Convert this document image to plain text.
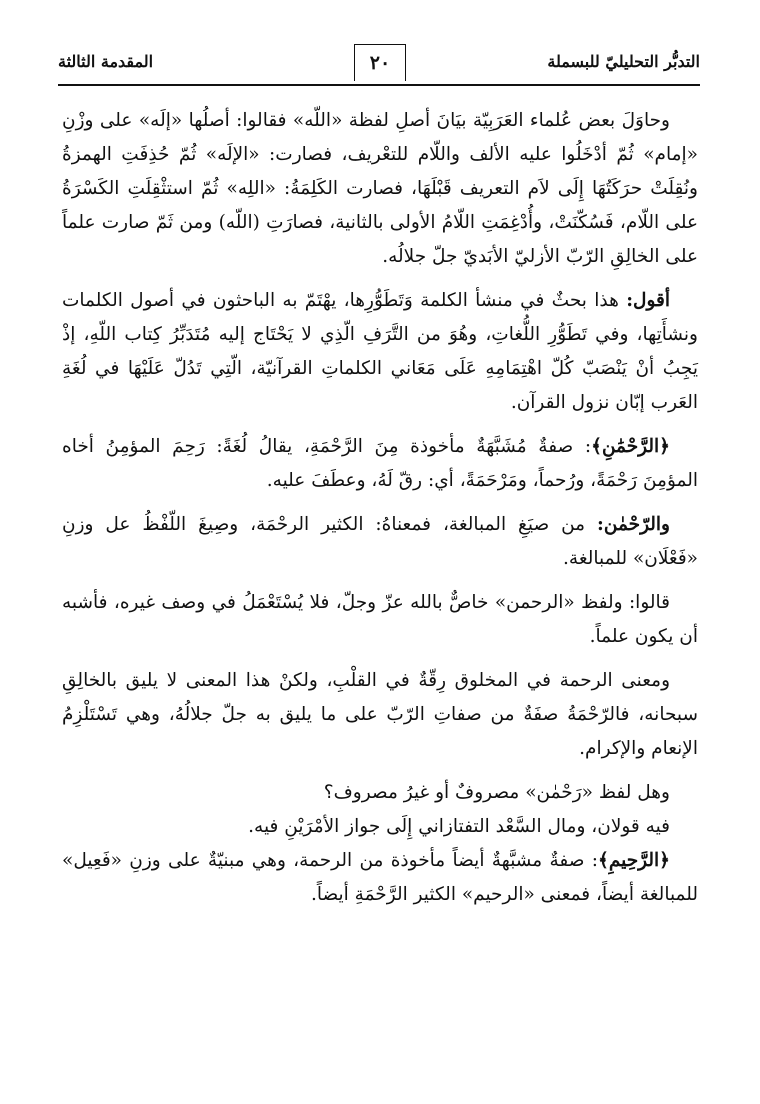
التدبُّر التحليليّ للبسملة
٢٠
المقدمة الثالثة

وحاوَلَ بعض عُلماء العَرَبِيّة بيَانَ أصلِ لفظة «اللّه» فقالوا: أصلُها «إلَه» على وزْنِ «إمام» ثُمّ أدْخَلُوا عليه الألف واللّام للتعْريف، فصارت: «الإلَه» ثُمّ حُذِفَتِ الهمزةُ ونُقِلَتْ حرَكَتُهَا إِلَى لاَم التعريف قَبْلَهَا، فصارت الكَلِمَةُ: «اللِه» ثُمّ استثْقِلَتِ الكَسْرَةُ على اللّام، فَسُكّنَتْ، وأُدْغِمَتِ اللّامُ الأولى بالثانية، فصارَتِ (اللّه) ومن ثَمّ صارت علماً على الخالِقِ الرّبّ الأزليّ الأبَديّ جلّ جلالُه.

أقول: هذا بحثٌ في منشأ الكلمة وَتَطَوُّرِها، يهْتَمّ به الباحثون في أصول الكلمات ونشأَتِها، وفي تَطَوُّرِ اللُّغاتِ، وهُوَ من التَّرَفِ الّذِي لا يَحْتَاج إليه مُتَدَبِّرُ كِتاب اللّهِ، إذْ يَجِبُ أنْ يَنْصَبّ كُلّ اهْتِمَامِهِ عَلَى مَعَاني الكلماتِ القرآنيّة، الّتِي تَدُلّ عَلَيْهَا في لُغَةِ العَرب إبّان نزول القرآن.

﴿الرَّحْمَٰنِ﴾: صفةٌ مُشَبَّهَةٌ مأخوذة مِنَ الرَّحْمَةِ، يقالُ لُغَةً: رَحِمَ المؤمِنُ أخاه المؤمِنَ رَحْمَةً، ورُحماً، ومَرْحَمَةً، أي: رقّ لَهُ، وعطَفَ عليه.

والرّحْمٰن: من صيَغِ المبالغة، فمعناهُ: الكثير الرحْمَة، وصِيغَ اللّفْظُ عل وزنِ «فَعْلَان» للمبالغة.

قالوا: ولفظ «الرحمن» خاصٌّ بالله عزّ وجلّ، فلا يُسْتَعْمَلُ في وصف غيره، فأشبه أن يكون علماً.

ومعنى الرحمة في المخلوق رِقّةٌ في القلْبِ، ولكنْ هذا المعنى لا يليق بالخالِقِ سبحانه، فالرّحْمَةُ صفَةٌ من صفاتِ الرّبّ على ما يليق به جلّ جلالُهُ، وهي تَسْتَلْزِمُ الإنعام والإكرام.

وهل لفظ «رَحْمٰن» مصروفٌ أو غيرُ مصروف؟

فيه قولان، ومال السَّعْد التفتازاني إِلَى جواز الأمْرَيْنِ فيه.

﴿الرَّحِيمِ﴾: صفةٌ مشبَّهةٌ أيضاً مأخوذة من الرحمة، وهي مبنيّةٌ على وزنِ «فَعِيل» للمبالغة أيضاً، فمعنى «الرحيم» الكثير الرَّحْمَةِ أيضاً.
